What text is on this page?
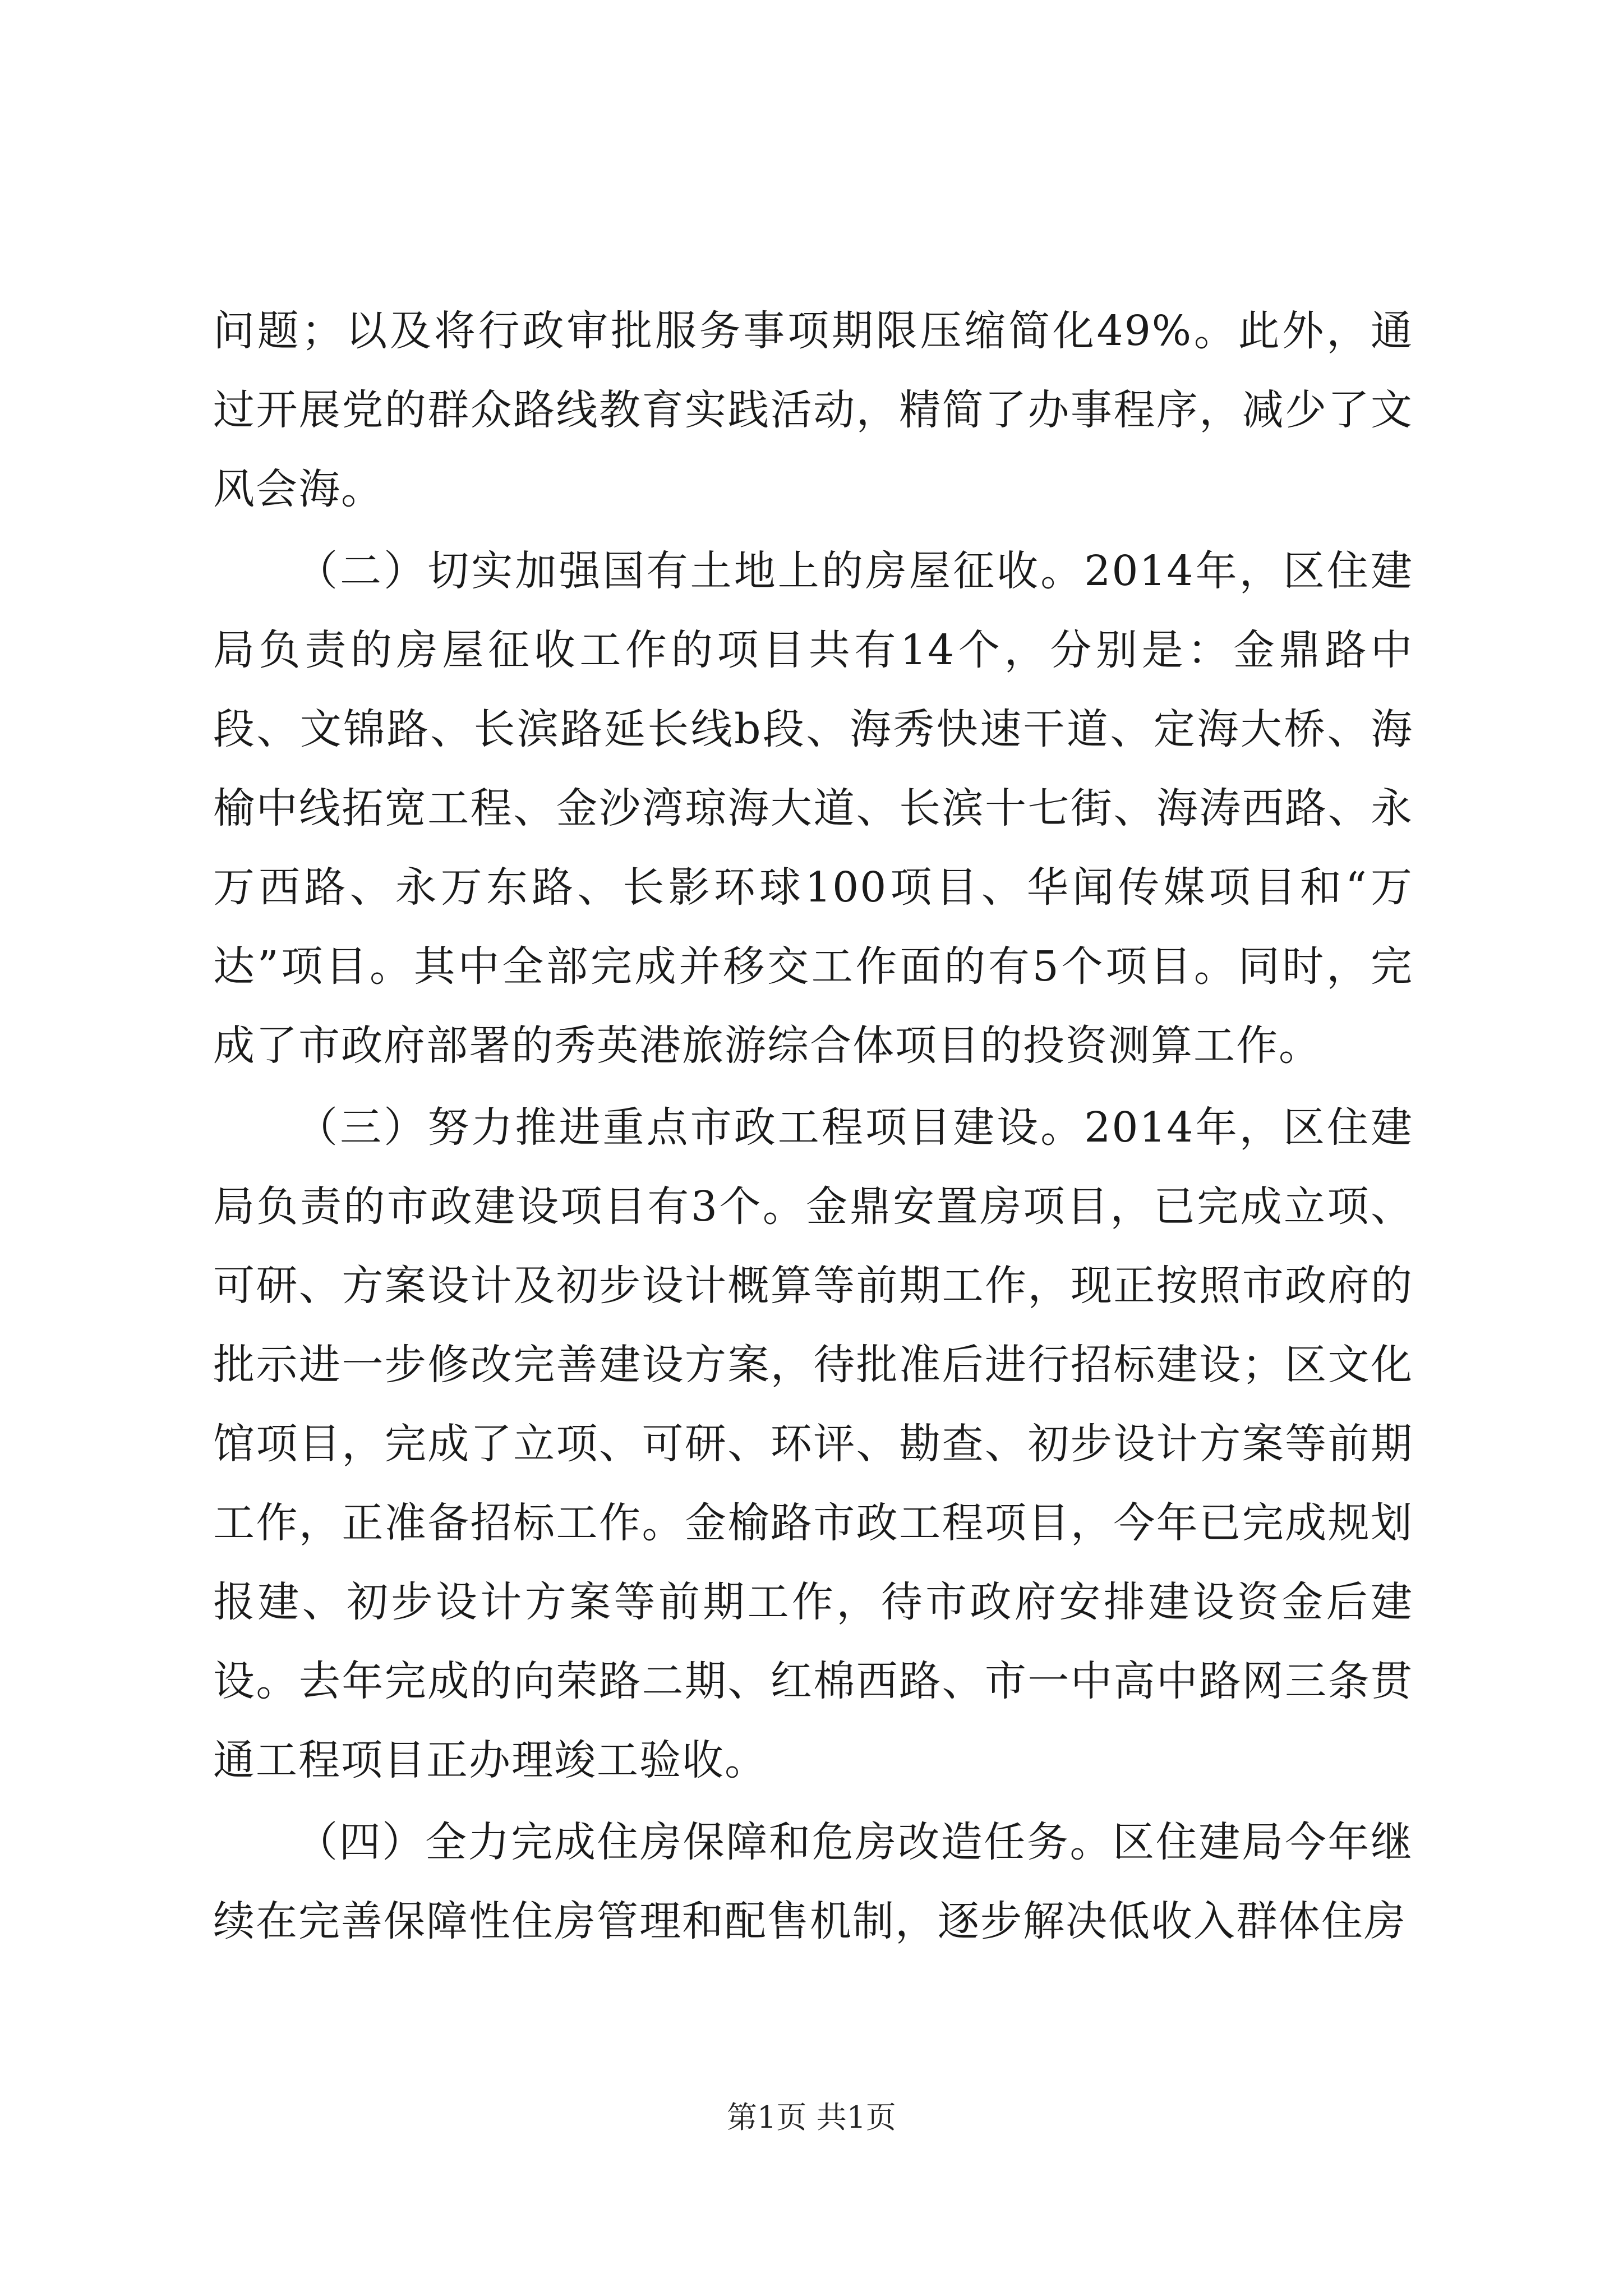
问题；以及将行政审批服务事项期限压缩简化49%。此外，通过开展党的群众路线教育实践活动，精简了办事程序，减少了文风会海。

（二）切实加强国有土地上的房屋征收。2014年，区住建局负责的房屋征收工作的项目共有14个，分别是：金鼎路中段、文锦路、长滨路延长线b段、海秀快速干道、定海大桥、海榆中线拓宽工程、金沙湾琼海大道、长滨十七街、海涛西路、永万西路、永万东路、长影环球100项目、华闻传媒项目和“万达”项目。其中全部完成并移交工作面的有5个项目。同时，完成了市政府部署的秀英港旅游综合体项目的投资测算工作。

（三）努力推进重点市政工程项目建设。2014年，区住建局负责的市政建设项目有3个。金鼎安置房项目，已完成立项、可研、方案设计及初步设计概算等前期工作，现正按照市政府的批示进一步修改完善建设方案，待批准后进行招标建设；区文化馆项目，完成了立项、可研、环评、勘查、初步设计方案等前期工作，正准备招标工作。金榆路市政工程项目，今年已完成规划报建、初步设计方案等前期工作，待市政府安排建设资金后建设。去年完成的向荣路二期、红棉西路、市一中高中路网三条贯通工程项目正办理竣工验收。

（四）全力完成住房保障和危房改造任务。区住建局今年继续在完善保障性住房管理和配售机制，逐步解决低收入群体住房

第1页 共1页
